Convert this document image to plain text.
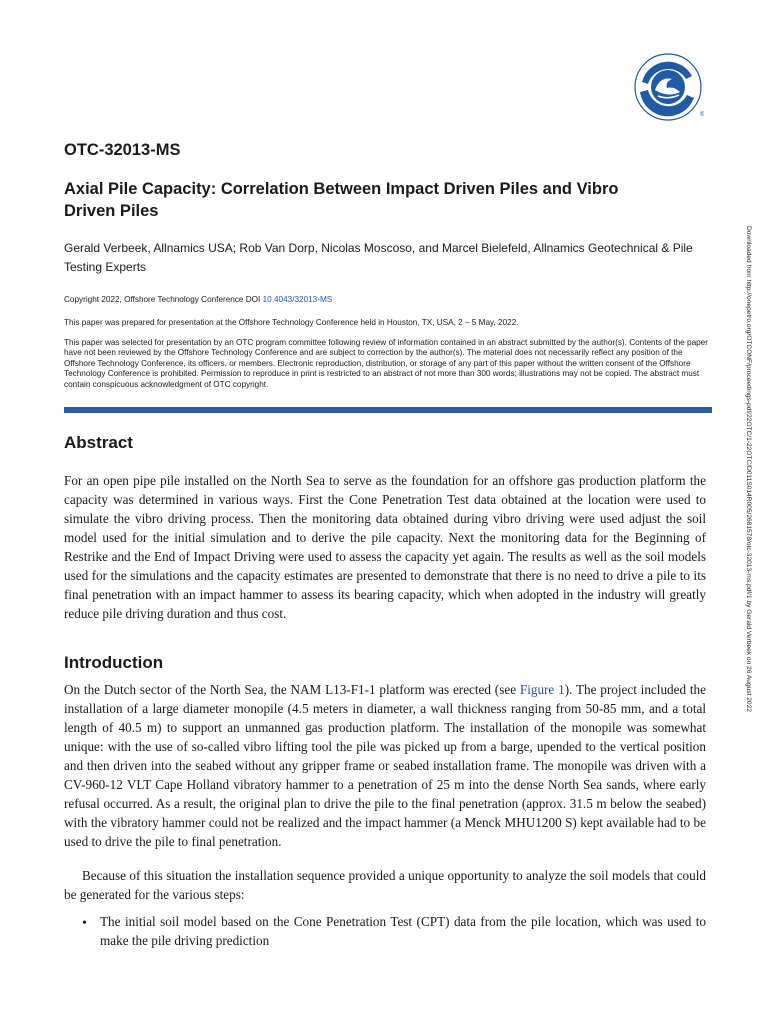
®
OTC-32013-MS
Axial Pile Capacity: Correlation Between Impact Driven Piles and Vibro Driven Piles

Gerald Verbeek, Allnamics USA; Rob Van Dorp, Nicolas Moscoso, and Marcel Bielefeld, Allnamics Geotechnical & Pile Testing Experts

Copyright 2022, Offshore Technology Conference DOI 10.4043/32013-MS

This paper was prepared for presentation at the Offshore Technology Conference held in Houston, TX, USA, 2 – 5 May, 2022.

This paper was selected for presentation by an OTC program committee following review of information contained in an abstract submitted by the author(s). Contents of the paper have not been reviewed by the Offshore Technology Conference and are subject to correction by the author(s). The material does not necessarily reflect any position of the Offshore Technology Conference, its officers, or members. Electronic reproduction, distribution, or storage of any part of this paper without the written consent of the Offshore Technology Conference is prohibited. Permission to reproduce in print is restricted to an abstract of not more than 300 words; illustrations may not be copied. The abstract must contain conspicuous acknowledgment of OTC copyright.

Abstract

For an open pipe pile installed on the North Sea to serve as the foundation for an offshore gas production platform the capacity was determined in various ways. First the Cone Penetration Test data obtained at the location were used to simulate the vibro driving process. Then the monitoring data obtained during vibro driving were used adjust the soil model used for the initial simulation and to derive the pile capacity. Next the monitoring data for the Beginning of Restrike and the End of Impact Driving were used to assess the capacity yet again. The results as well as the soil models used for the simulations and the capacity estimates are presented to demonstrate that there is no need to drive a pile to its final penetration with an impact hammer to assess its bearing capacity, which when adopted in the industry will greatly reduce pile driving duration and thus cost.

Introduction

On the Dutch sector of the North Sea, the NAM L13-F1-1 platform was erected (see Figure 1). The project included the installation of a large diameter monopile (4.5 meters in diameter, a wall thickness ranging from 50-85 mm, and a total length of 40.5 m) to support an unmanned gas production platform. The installation of the monopile was somewhat unique: with the use of so-called vibro lifting tool the pile was picked up from a barge, upended to the vertical position and then driven into the seabed without any gripper frame or seabed installation frame. The monopile was driven with a CV-960-12 VLT Cape Holland vibratory hammer to a penetration of 25 m into the dense North Sea sands, where early refusal occurred. As a result, the original plan to drive the pile to the final penetration (approx. 31.5 m below the seabed) with the vibratory hammer could not be realized and the impact hammer (a Menck MHU1200 S) kept available had to be used to drive the pile to final penetration.

Because of this situation the installation sequence provided a unique opportunity to analyze the soil models that could be generated for the various steps:

• The initial soil model based on the Cone Penetration Test (CPT) data from the pile location, which was used to make the pile driving prediction
Downloaded from http://onepetro.org/OTCONF/proceedings-pdf/22OTC/1-22OTC/D011S014R005/2681578/otc-32013-ms.pdf/1 by Gerald Verbeek on 26 August 2022
